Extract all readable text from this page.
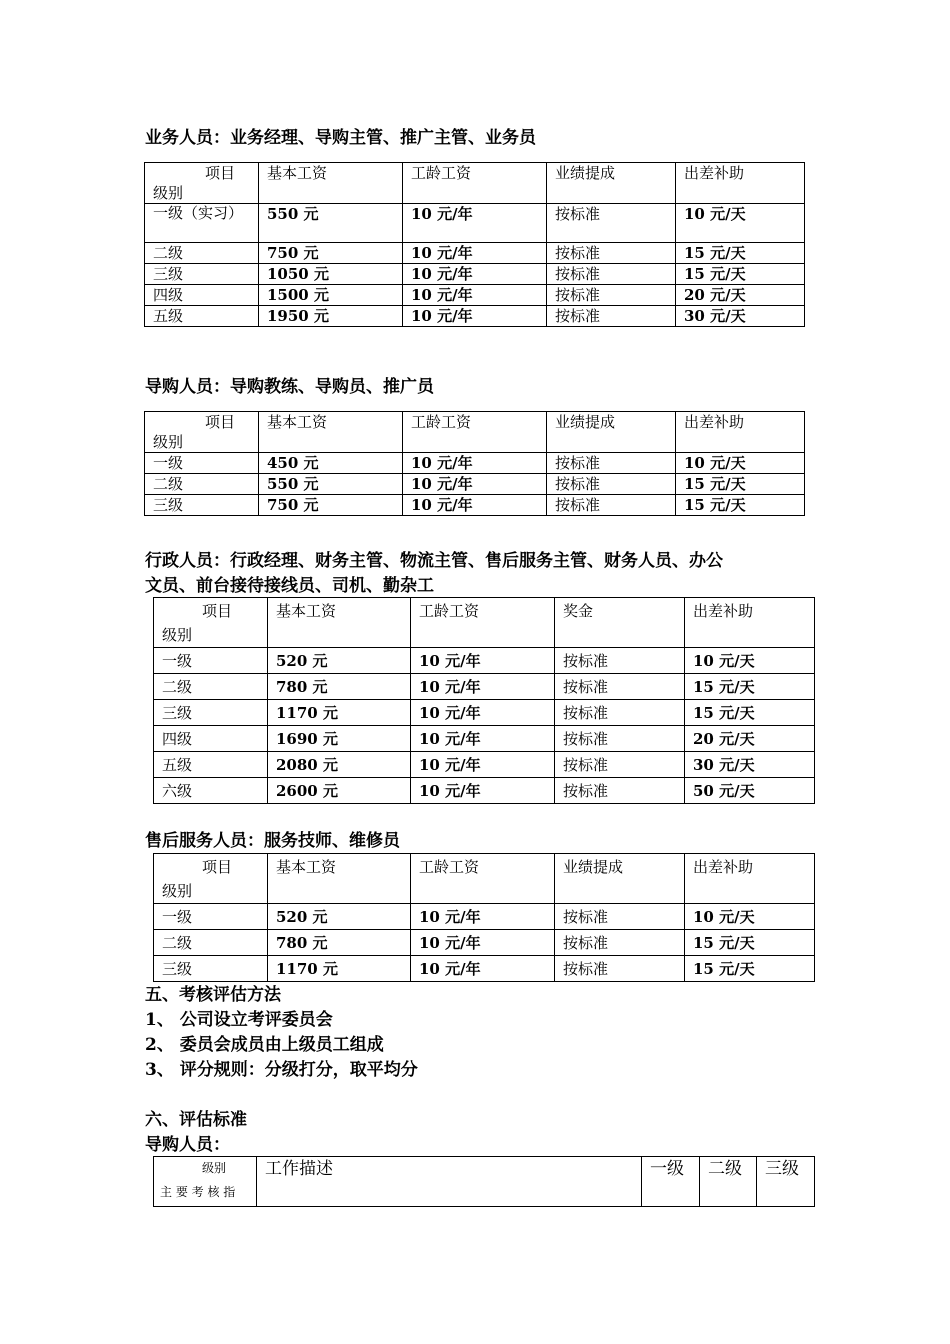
业务人员：业务经理、导购主管、推广主管、业务员
项目
级别	基本工资	工龄工资	业绩提成	出差补助
一级（实习）	550 元	10 元/年	按标准	10 元/天
二级	750 元	10 元/年	按标准	15 元/天
三级	1050 元	10 元/年	按标准	15 元/天
四级	1500 元	10 元/年	按标准	20 元/天
五级	1950 元	10 元/年	按标准	30 元/天
导购人员：导购教练、导购员、推广员
项目
级别	基本工资	工龄工资	业绩提成	出差补助
一级	450 元	10 元/年	按标准	10 元/天
二级	550 元	10 元/年	按标准	15 元/天
三级	750 元	10 元/年	按标准	15 元/天
行政人员：行政经理、财务主管、物流主管、售后服务主管、财务人员、办公
文员、前台接待接线员、司机、勤杂工
项目
级别	基本工资	工龄工资	奖金	出差补助
一级	520 元	10 元/年	按标准	10 元/天
二级	780 元	10 元/年	按标准	15 元/天
三级	1170 元	10 元/年	按标准	15 元/天
四级	1690 元	10 元/年	按标准	20 元/天
五级	2080 元	10 元/年	按标准	30 元/天
六级	2600 元	10 元/年	按标准	50 元/天
售后服务人员：服务技师、维修员
项目
级别	基本工资	工龄工资	业绩提成	出差补助
一级	520 元	10 元/年	按标准	10 元/天
二级	780 元	10 元/年	按标准	15 元/天
三级	1170 元	10 元/年	按标准	15 元/天
五、考核评估方法
1、 公司设立考评委员会
2、 委员会成员由上级员工组成
3、 评分规则：分级打分，取平均分
六、评估标准
导购人员：
级别
主 要 考 核 指
	工作描述	一级	二级	三级
